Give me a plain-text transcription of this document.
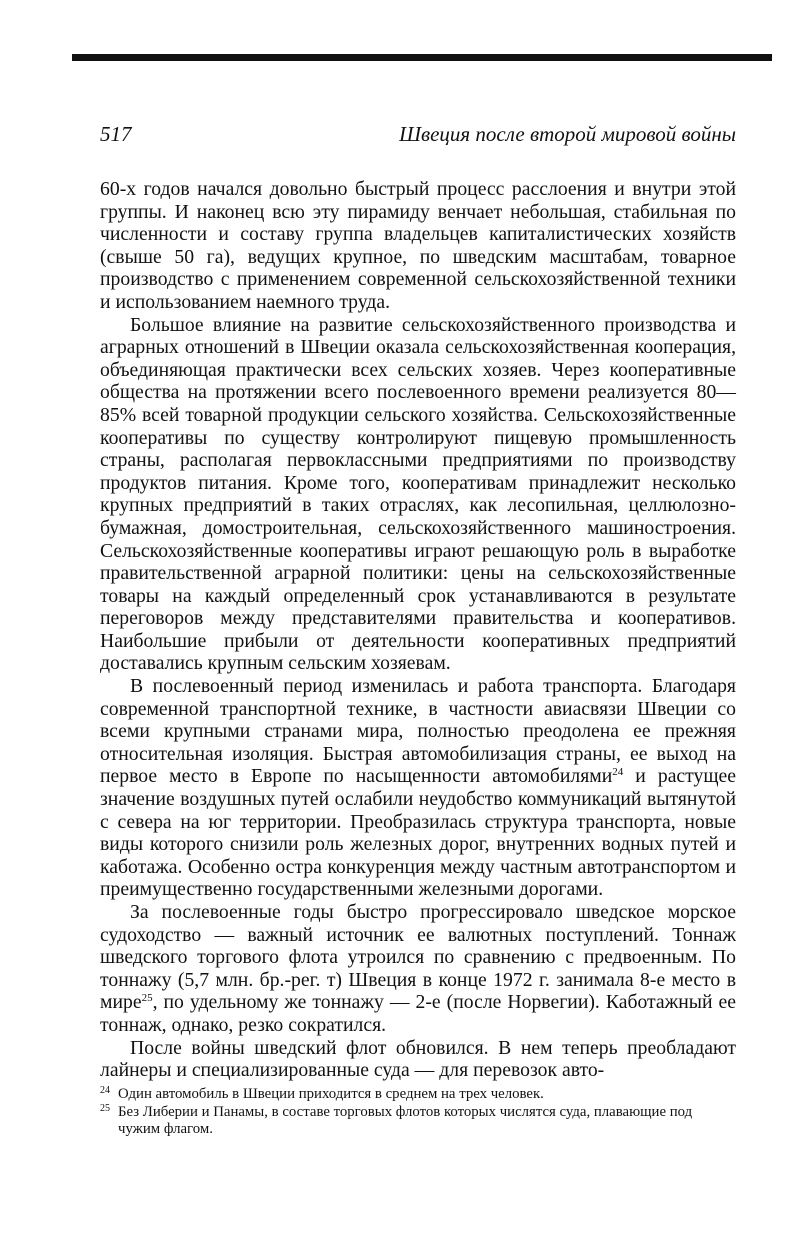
517	Швеция после второй мировой войны

60-х годов начался довольно быстрый процесс расслоения и внутри этой группы. И наконец всю эту пирамиду венчает небольшая, стабильная по численности и составу группа владельцев капиталистических хозяйств (свыше 50 га), ведущих крупное, по шведским масштабам, товарное производство с применением современной сельскохозяйственной техники и использованием наемного труда.

Большое влияние на развитие сельскохозяйственного производства и аграрных отношений в Швеции оказала сельскохозяйственная кооперация, объединяющая практически всех сельских хозяев. Через кооперативные общества на протяжении всего послевоенного времени реализуется 80—85% всей товарной продукции сельского хозяйства. Сельскохозяйственные кооперативы по существу контролируют пищевую промышленность страны, располагая первоклассными предприятиями по производству продуктов питания. Кроме того, кооперативам принадлежит несколько крупных предприятий в таких отраслях, как лесопильная, целлюлозно-бумажная, домостроительная, сельскохозяйственного машиностроения. Сельскохозяйственные кооперативы играют решающую роль в выработке правительственной аграрной политики: цены на сельскохозяйственные товары на каждый определенный срок устанавливаются в результате переговоров между представителями правительства и кооперативов. Наибольшие прибыли от деятельности кооперативных предприятий доставались крупным сельским хозяевам.

В послевоенный период изменилась и работа транспорта. Благодаря современной транспортной технике, в частности авиасвязи Швеции со всеми крупными странами мира, полностью преодолена ее прежняя относительная изоляция. Быстрая автомобилизация страны, ее выход на первое место в Европе по насыщенности автомобилями$^{24}$ и растущее значение воздушных путей ослабили неудобство коммуникаций вытянутой с севера на юг территории. Преобразилась структура транспорта, новые виды которого снизили роль железных дорог, внутренних водных путей и каботажа. Особенно острa конкуренция между частным автотранспортом и преимущественно государственными железными дорогами.

За послевоенные годы быстро прогрессировало шведское морское судоходство — важный источник ее валютных поступлений. Тоннаж шведского торгового флота утроился по сравнению с предвоенным. По тоннажу (5,7 млн. бр.-рег. т) Швеция в конце 1972 г. занимала 8-е место в мире$^{25}$, по удельному же тоннажу — 2-е (после Норвегии). Каботажный ее тоннаж, однако, резко сократился.

После войны шведский флот обновился. В нем теперь преобладают лайнеры и специализированные суда — для перевозок авто-

24 Один автомобиль в Швеции приходится в среднем на трех человек.
25 Без Либерии и Панамы, в составе торговых флотов которых числятся суда, плавающие под чужим флагом.
